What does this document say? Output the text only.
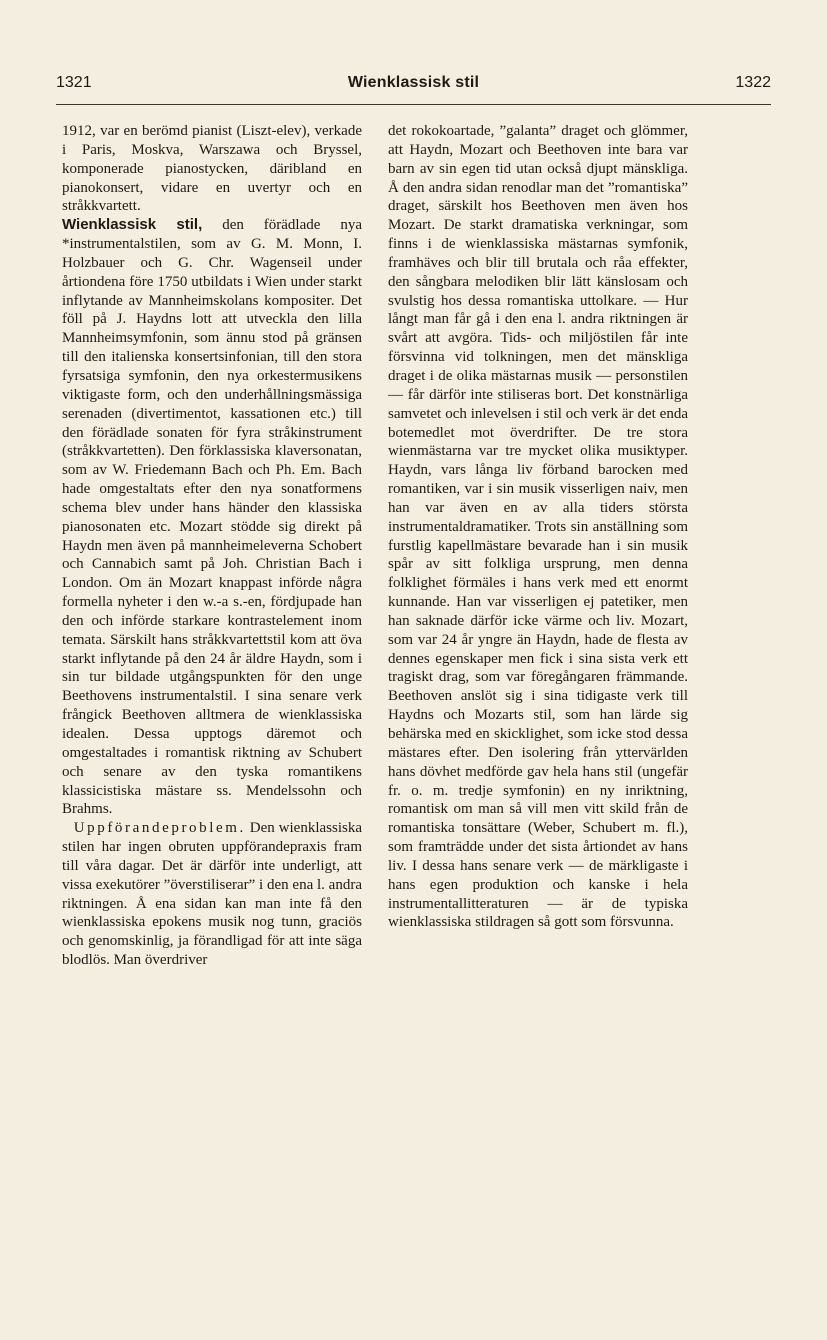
1321	Wienklassisk stil	1322

1912, var en berömd pianist (Liszt-elev), verkade i Paris, Moskva, Warszawa och Bryssel, komponerade pianostycken, däribland en pianokonsert, vidare en uvertyr och en stråkkvartett.

Wienklassisk stil, den förädlade nya *instrumentalstilen, som av G. M. Monn, I. Holzbauer och G. Chr. Wagenseil under årtiondena före 1750 utbildats i Wien under starkt inflytande av Mannheimskolans kompositer. Det föll på J. Haydns lott att utveckla den lilla Mannheimsymfonin, som ännu stod på gränsen till den italienska konsertsinfonian, till den stora fyrsatsiga symfonin, den nya orkestermusikens viktigaste form, och den underhållningsmässiga serenaden (divertimentot, kassationen etc.) till den förädlade sonaten för fyra stråkinstrument (stråkkvartetten). Den förklassiska klaversonatan, som av W. Friedemann Bach och Ph. Em. Bach hade omgestaltats efter den nya sonatformens schema blev under hans händer den klassiska pianosonaten etc. Mozart stödde sig direkt på Haydn men även på mannheimeleverna Schobert och Cannabich samt på Joh. Christian Bach i London. Om än Mozart knappast införde några formella nyheter i den w.-a s.-en, fördjupade han den och införde starkare kontrastelement inom temata. Särskilt hans stråkkvartettstil kom att öva starkt inflytande på den 24 år äldre Haydn, som i sin tur bildade utgångspunkten för den unge Beethovens instrumentalstil. I sina senare verk frångick Beethoven alltmera de wienklassiska idealen. Dessa upptogs däremot och omgestaltades i romantisk riktning av Schubert och senare av den tyska romantikens klassicistiska mästare ss. Mendelssohn och Brahms.

Uppförandeproblem. Den wienklassiska stilen har ingen obruten uppförandepraxis fram till våra dagar. Det är därför inte underligt, att vissa exekutörer ”överstiliserar” i den ena l. andra riktningen. Å ena sidan kan man inte få den wienklassiska epokens musik nog tunn, graciös och genomskinlig, ja förandligad för att inte säga blodlös. Man överdriver

det rokokoartade, ”galanta” draget och glömmer, att Haydn, Mozart och Beethoven inte bara var barn av sin egen tid utan också djupt mänskliga. Å den andra sidan renodlar man det ”romantiska” draget, särskilt hos Beethoven men även hos Mozart. De starkt dramatiska verkningar, som finns i de wienklassiska mästarnas symfonik, framhäves och blir till brutala och råa effekter, den sångbara melodiken blir lätt känslosam och svulstig hos dessa romantiska uttolkare. — Hur långt man får gå i den ena l. andra riktningen är svårt att avgöra. Tids- och miljöstilen får inte försvinna vid tolkningen, men det mänskliga draget i de olika mästarnas musik — personstilen — får därför inte stiliseras bort. Det konstnärliga samvetet och inlevelsen i stil och verk är det enda botemedlet mot överdrifter. De tre stora wienmästarna var tre mycket olika musiktyper. Haydn, vars långa liv förband barocken med romantiken, var i sin musik visserligen naiv, men han var även en av alla tiders största instrumentaldramatiker. Trots sin anställning som furstlig kapellmästare bevarade han i sin musik spår av sitt folkliga ursprung, men denna folklighet förmäles i hans verk med ett enormt kunnande. Han var visserligen ej patetiker, men han saknade därför icke värme och liv. Mozart, som var 24 år yngre än Haydn, hade de flesta av dennes egenskaper men fick i sina sista verk ett tragiskt drag, som var föregångaren främmande. Beethoven anslöt sig i sina tidigaste verk till Haydns och Mozarts stil, som han lärde sig behärska med en skicklighet, som icke stod dessa mästares efter. Den isolering från yttervärlden hans dövhet medförde gav hela hans stil (ungefär fr. o. m. tredje symfonin) en ny inriktning, romantisk om man så vill men vitt skild från de romantiska tonsättare (Weber, Schubert m. fl.), som framträdde under det sista årtiondet av hans liv. I dessa hans senare verk — de märkligaste i hans egen produktion och kanske i hela instrumentallitteraturen — är de typiska wienklassiska stildragen så gott som försvunna.
